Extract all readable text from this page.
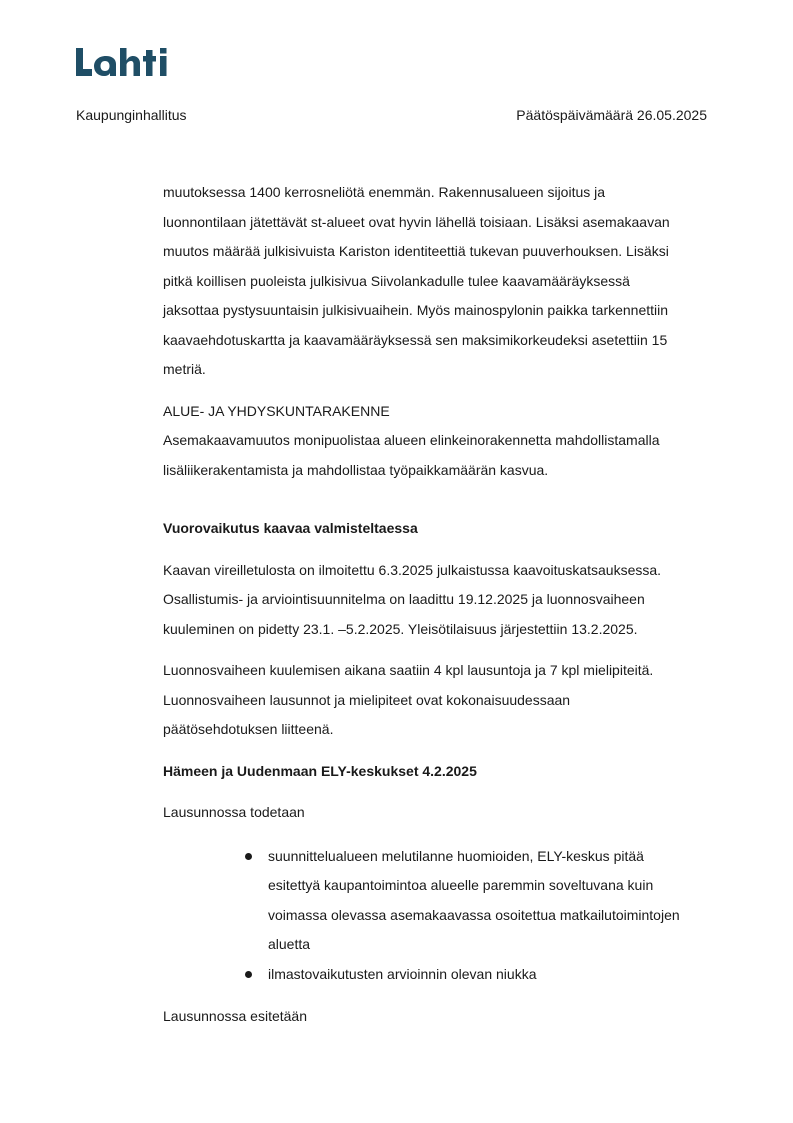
Kaupunginhallitus	Päätöspäivämäärä 26.05.2025

muutoksessa 1400 kerrosneliötä enemmän. Rakennusalueen sijoitus ja

luonnontilaan jätettävät st-alueet ovat hyvin lähellä toisiaan. Lisäksi asemakaavan

muutos määrää julkisivuista Kariston identiteettiä tukevan puuverhouksen. Lisäksi

pitkä koillisen puoleista julkisivua Siivolankadulle tulee kaavamääräyksessä

jaksottaa pystysuuntaisin julkisivuaihein. Myös mainospylonin paikka tarkennettiin

kaavaehdotuskartta ja kaavamääräyksessä sen maksimikorkeudeksi asetettiin 15

metriä.

ALUE- JA YHDYSKUNTARAKENNE

Asemakaavamuutos monipuolistaa alueen elinkeinorakennetta mahdollistamalla

lisäliikerakentamista ja mahdollistaa työpaikkamäärän kasvua.

Vuorovaikutus kaavaa valmisteltaessa

Kaavan vireilletulosta on ilmoitettu 6.3.2025 julkaistussa kaavoituskatsauksessa.

Osallistumis- ja arviointisuunnitelma on laadittu 19.12.2025 ja luonnosvaiheen

kuuleminen on pidetty 23.1. –5.2.2025. Yleisötilaisuus järjestettiin 13.2.2025.

Luonnosvaiheen kuulemisen aikana saatiin 4 kpl lausuntoja ja 7 kpl mielipiteitä.

Luonnosvaiheen lausunnot ja mielipiteet ovat kokonaisuudessaan

päätösehdotuksen liitteenä.

Hämeen ja Uudenmaan ELY-keskukset 4.2.2025

Lausunnossa todetaan

suunnittelualueen melutilanne huomioiden, ELY-keskus pitää
esitettyä kaupantoimintoa alueelle paremmin soveltuvana kuin
voimassa olevassa asemakaavassa osoitettua matkailutoimintojen
aluetta
ilmastovaikutusten arvioinnin olevan niukka

Lausunnossa esitetään
